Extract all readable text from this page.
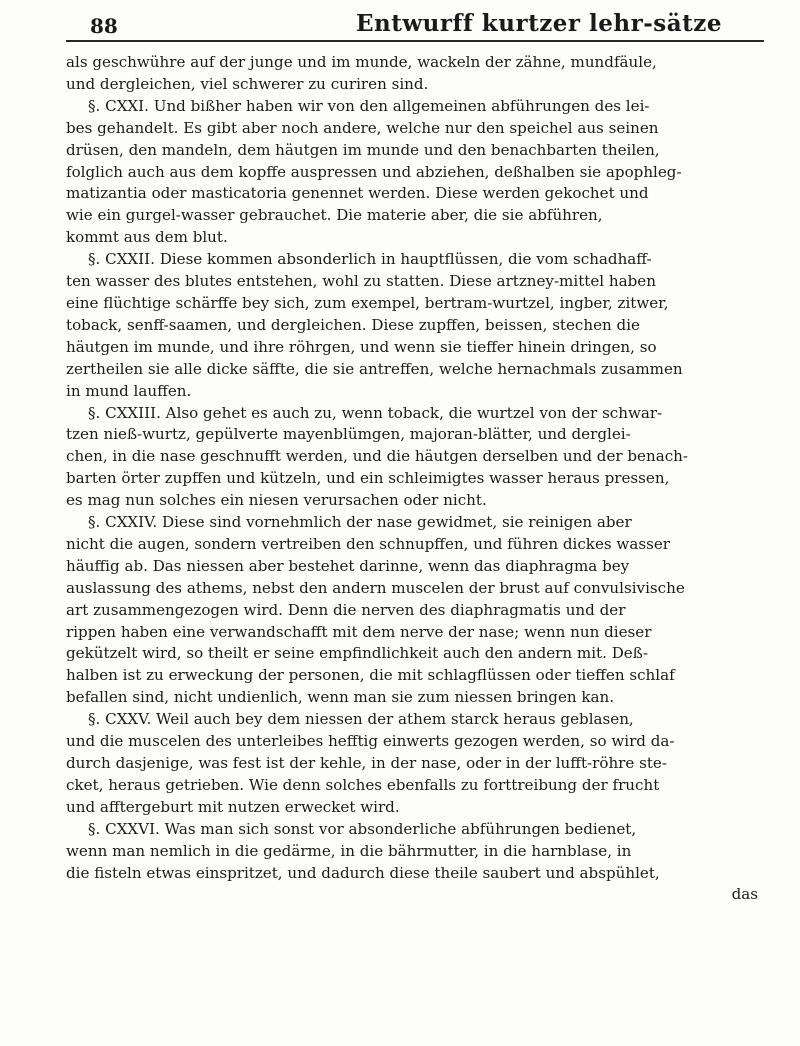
88	Entwurff kurtzer lehr-sätze
als geschwühre auf der junge und im munde, wackeln der zähne, mundfäule,
und dergleichen, viel schwerer zu curiren sind.
§. CXXI. Und bißher haben wir von den allgemeinen abführungen des lei-
bes gehandelt. Es gibt aber noch andere, welche nur den speichel aus seinen
drüsen, den mandeln, dem häutgen im munde und den benachbarten theilen,
folglich auch aus dem kopffe auspressen und abziehen, deßhalben sie apophleg-
matizantia oder masticatoria genennet werden. Diese werden gekochet und
wie ein gurgel-wasser gebrauchet. Die materie aber, die sie abführen,
kommt aus dem blut.
§. CXXII. Diese kommen absonderlich in hauptflüssen, die vom schadhaff-
ten wasser des blutes entstehen, wohl zu statten. Diese artzney-mittel haben
eine flüchtige schärffe bey sich, zum exempel, bertram-wurtzel, ingber, zitwer,
toback, senff-saamen, und dergleichen. Diese zupffen, beissen, stechen die
häutgen im munde, und ihre röhrgen, und wenn sie tieffer hinein dringen, so
zertheilen sie alle dicke säffte, die sie antreffen, welche hernachmals zusammen
in mund lauffen.
§. CXXIII. Also gehet es auch zu, wenn toback, die wurtzel von der schwar-
tzen nieß-wurtz, gepülverte mayenblümgen, majoran-blätter, und derglei-
chen, in die nase geschnufft werden, und die häutgen derselben und der benach-
barten örter zupffen und kützeln, und ein schleimigtes wasser heraus pressen,
es mag nun solches ein niesen verursachen oder nicht.
§. CXXIV. Diese sind vornehmlich der nase gewidmet, sie reinigen aber
nicht die augen, sondern vertreiben den schnupffen, und führen dickes wasser
häuffig ab. Das niessen aber bestehet darinne, wenn das diaphragma bey
auslassung des athems, nebst den andern muscelen der brust auf convulsivische
art zusammengezogen wird. Denn die nerven des diaphragmatis und der
rippen haben eine verwandschafft mit dem nerve der nase; wenn nun dieser
gekützelt wird, so theilt er seine empfindlichkeit auch den andern mit. Deß-
halben ist zu erweckung der personen, die mit schlagflüssen oder tieffen schlaf
befallen sind, nicht undienlich, wenn man sie zum niessen bringen kan.
§. CXXV. Weil auch bey dem niessen der athem starck heraus geblasen,
und die muscelen des unterleibes hefftig einwerts gezogen werden, so wird da-
durch dasjenige, was fest ist der kehle, in der nase, oder in der lufft-röhre ste-
cket, heraus getrieben. Wie denn solches ebenfalls zu forttreibung der frucht
und afftergeburt mit nutzen erwecket wird.
§. CXXVI. Was man sich sonst vor absonderliche abführungen bedienet,
wenn man nemlich in die gedärme, in die bährmutter, in die harnblase, in
die fisteln etwas einspritzet, und dadurch diese theile saubert und abspühlet,
das
